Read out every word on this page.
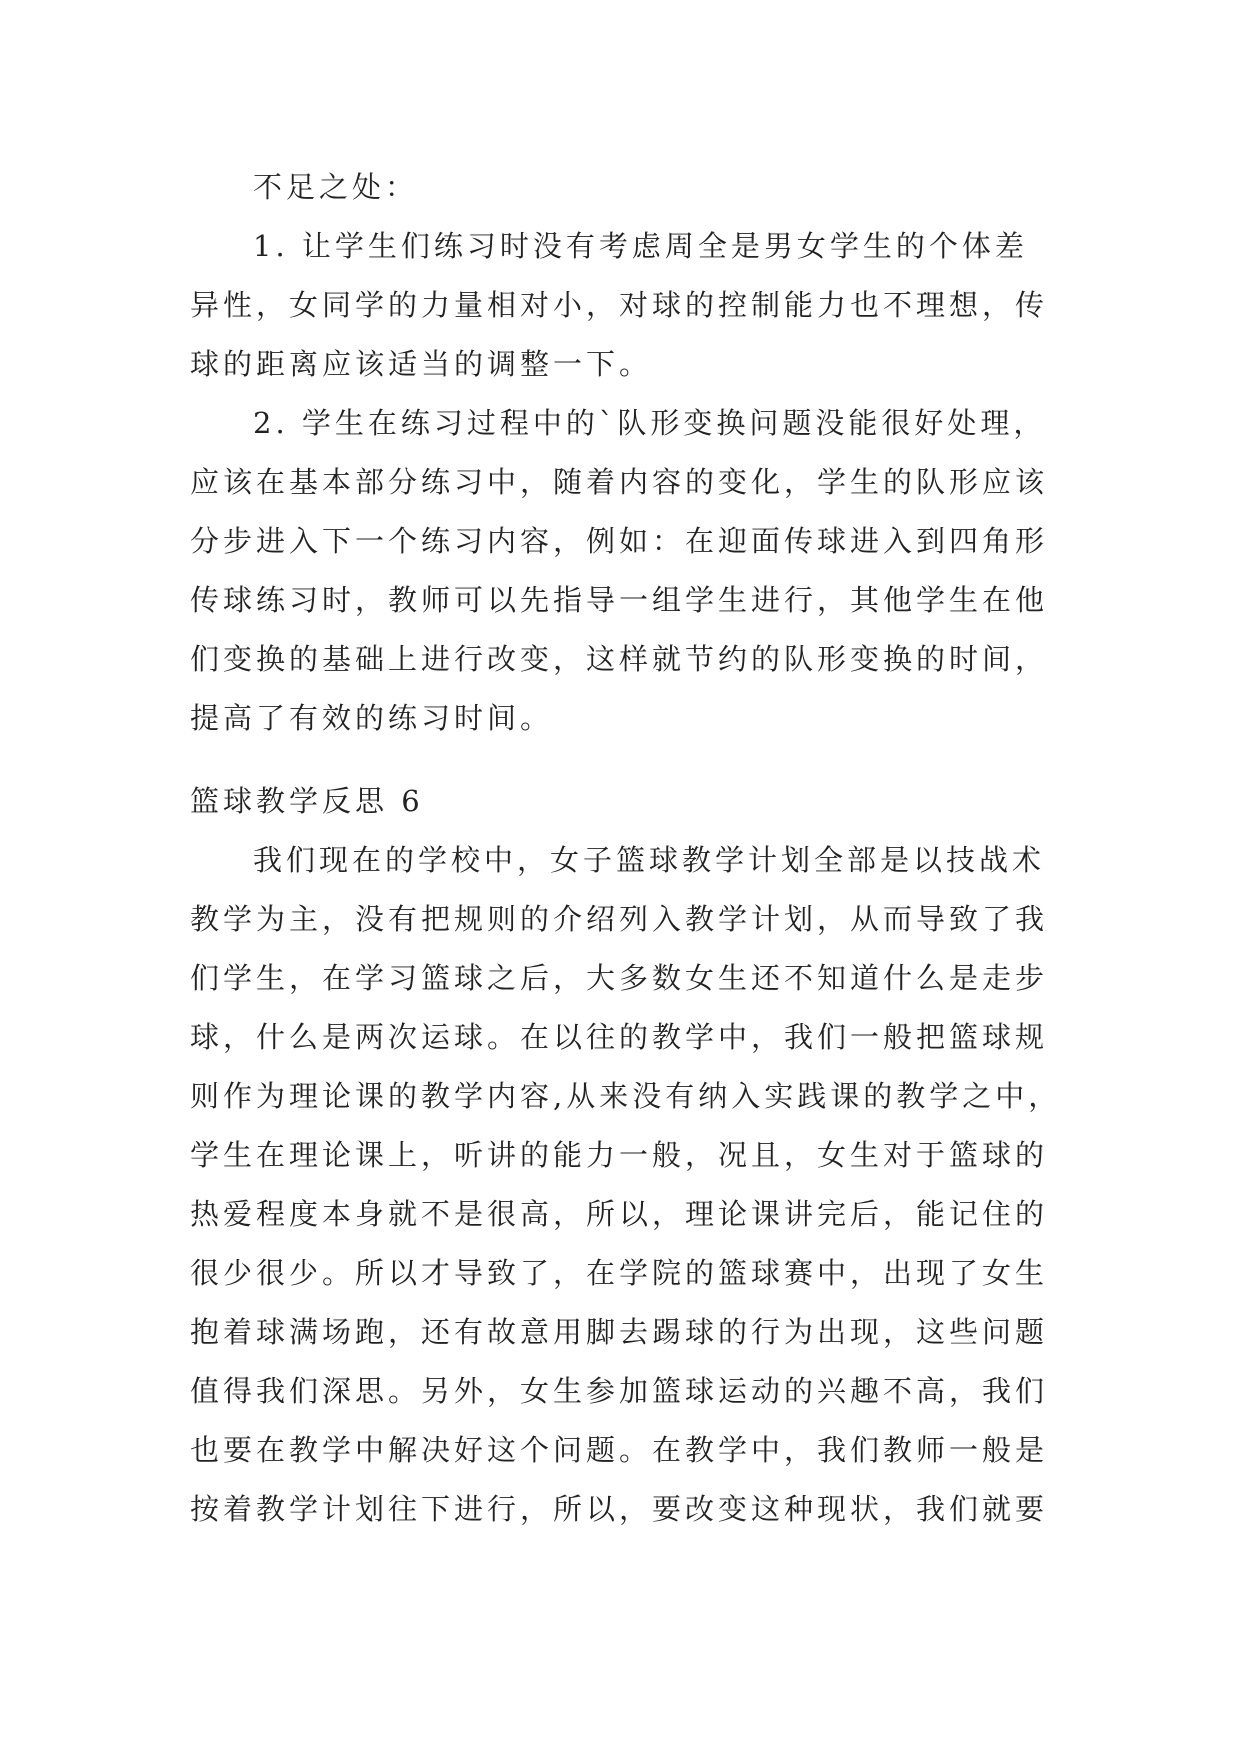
不足之处：
1. 让学生们练习时没有考虑周全是男女学生的个体差
异性，女同学的力量相对小，对球的控制能力也不理想，传
球的距离应该适当的调整一下。
2. 学生在练习过程中的`队形变换问题没能很好处理，
应该在基本部分练习中，随着内容的变化，学生的队形应该
分步进入下一个练习内容，例如：在迎面传球进入到四角形
传球练习时，教师可以先指导一组学生进行，其他学生在他
们变换的基础上进行改变，这样就节约的队形变换的时间，
提高了有效的练习时间。
篮球教学反思 6
我们现在的学校中，女子篮球教学计划全部是以技战术
教学为主，没有把规则的介绍列入教学计划，从而导致了我
们学生，在学习篮球之后，大多数女生还不知道什么是走步
球，什么是两次运球。在以往的教学中，我们一般把篮球规
则作为理论课的教学内容,从来没有纳入实践课的教学之中，
学生在理论课上，听讲的能力一般，况且，女生对于篮球的
热爱程度本身就不是很高，所以，理论课讲完后，能记住的
很少很少。所以才导致了，在学院的篮球赛中，出现了女生
抱着球满场跑，还有故意用脚去踢球的行为出现，这些问题
值得我们深思。另外，女生参加篮球运动的兴趣不高，我们
也要在教学中解决好这个问题。在教学中，我们教师一般是
按着教学计划往下进行，所以，要改变这种现状，我们就要
